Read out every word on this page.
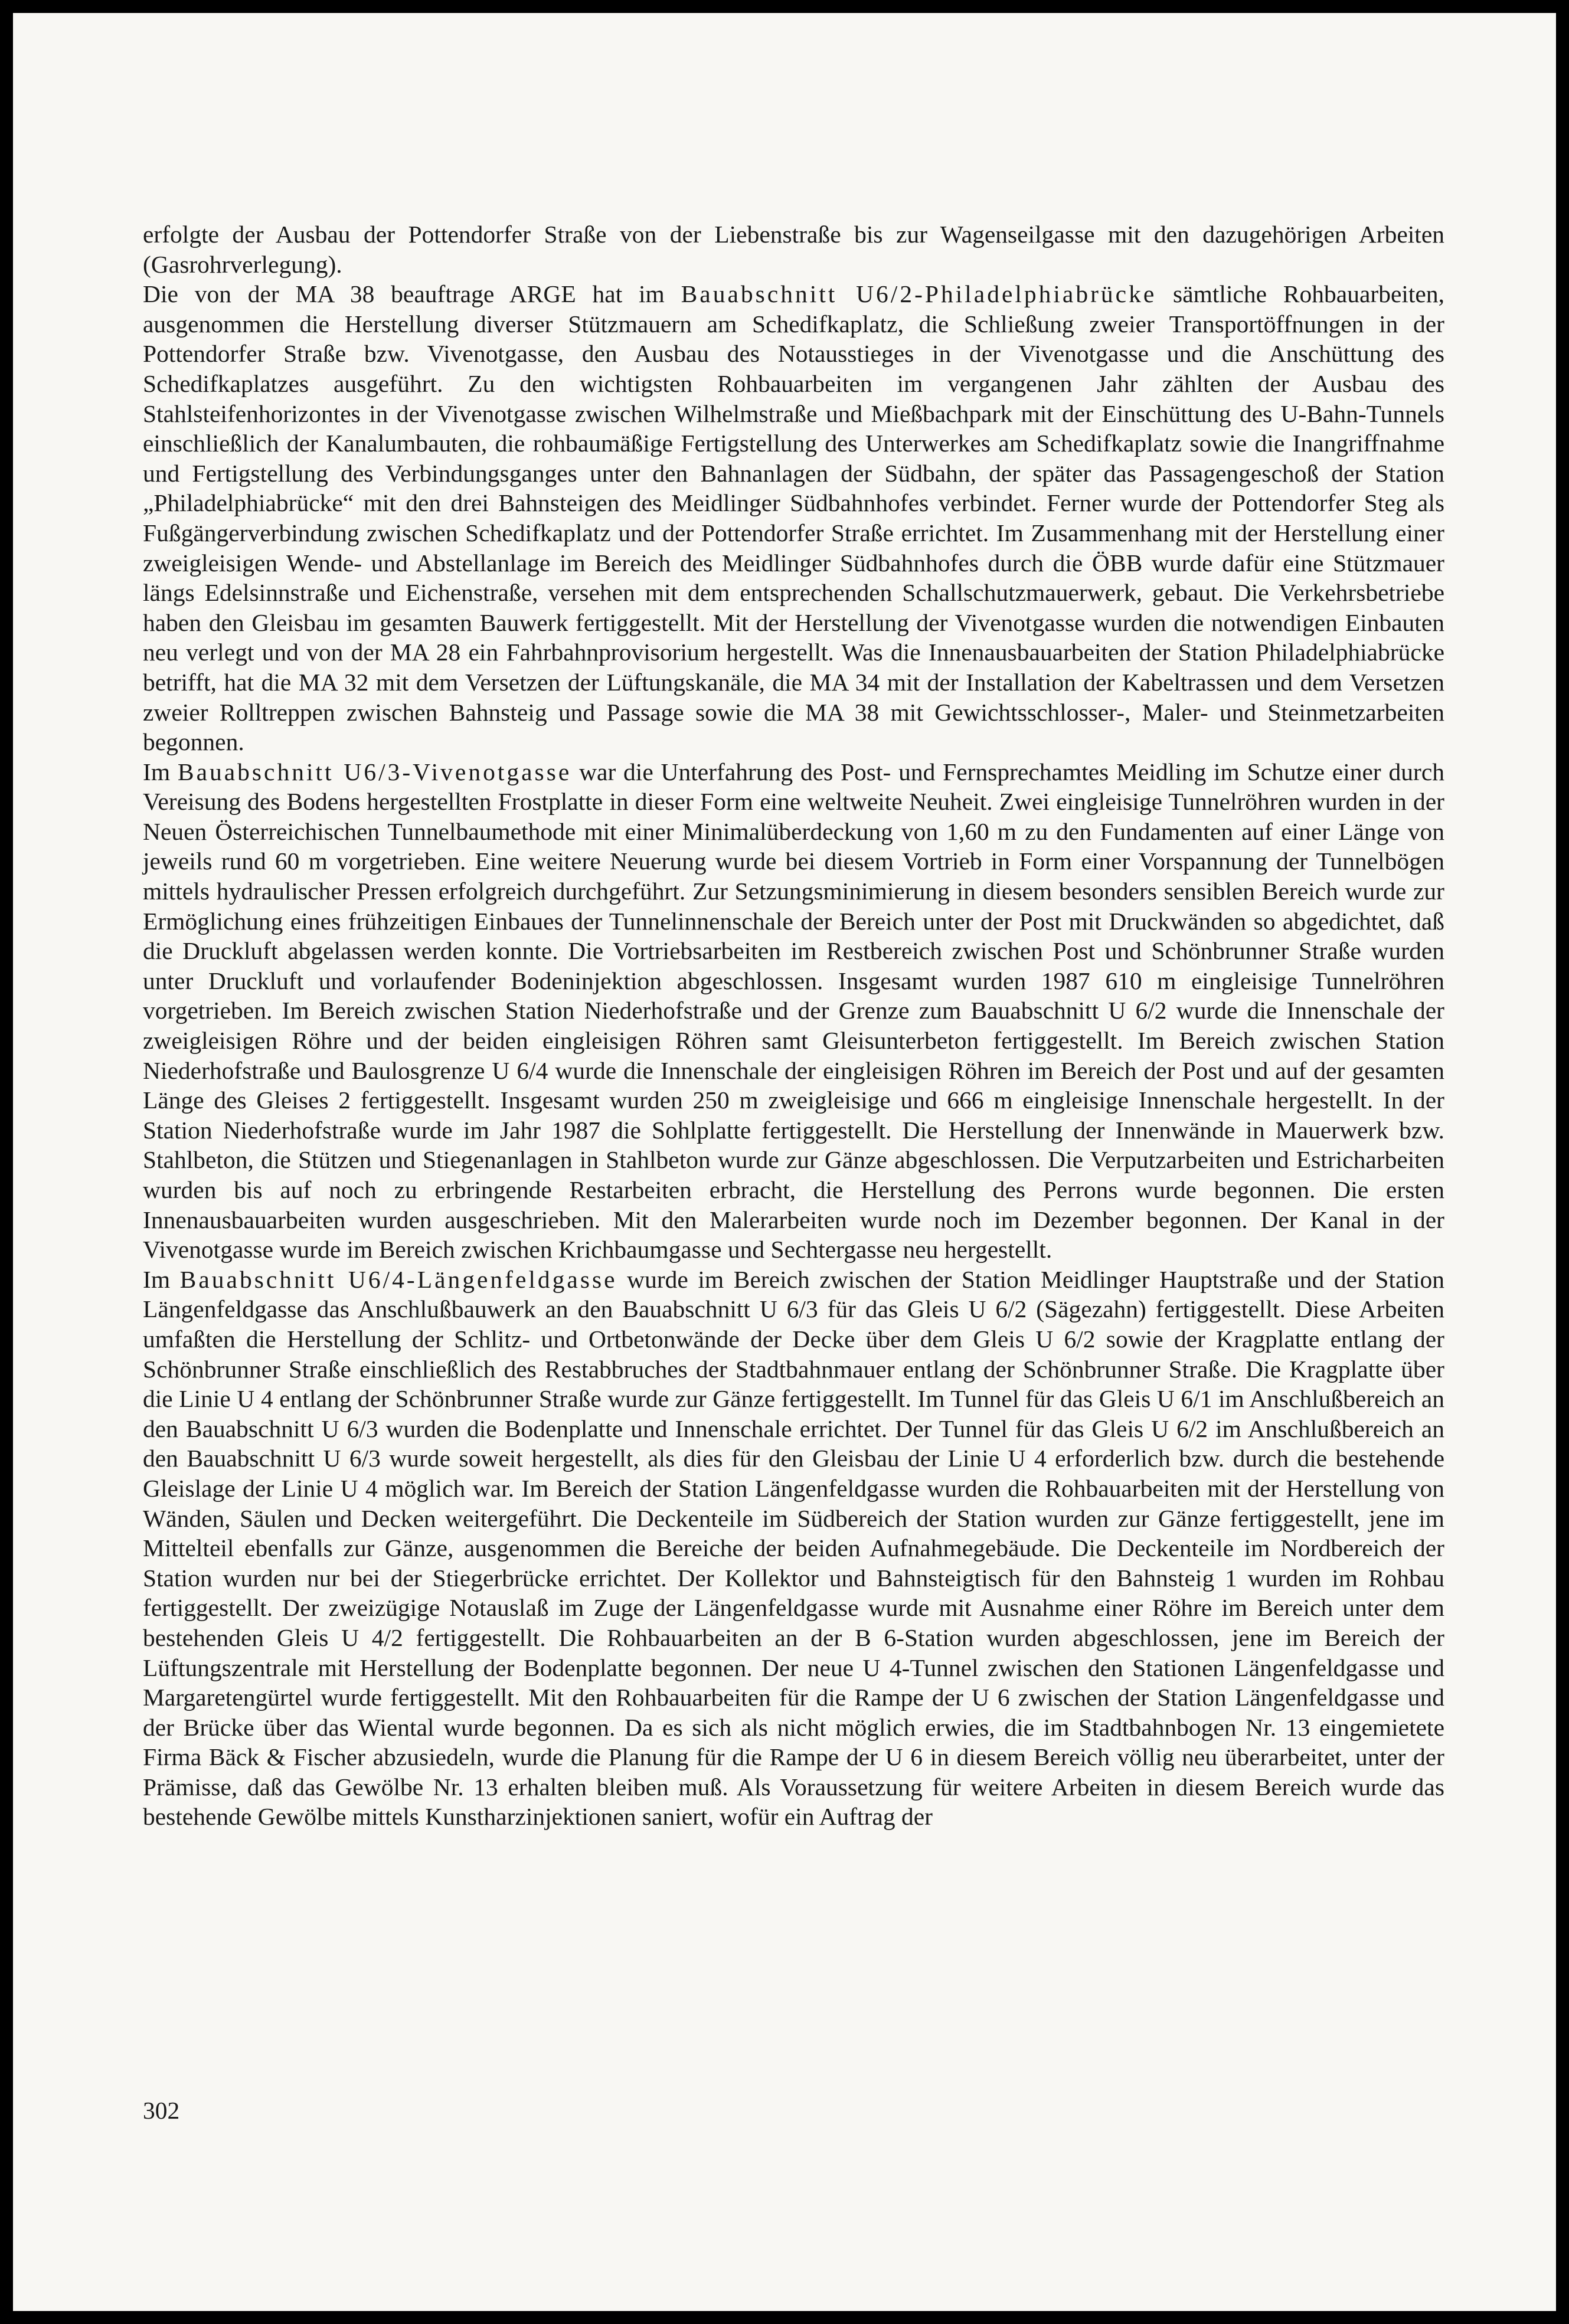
erfolgte der Ausbau der Pottendorfer Straße von der Liebenstraße bis zur Wagenseilgasse mit den dazugehörigen Arbeiten (Gasrohrverlegung).

Die von der MA 38 beauftrage ARGE hat im Bauabschnitt U6/2-Philadelphiabrücke sämtliche Rohbauarbeiten, ausgenommen die Herstellung diverser Stützmauern am Schedifkaplatz, die Schließung zweier Transportöffnungen in der Pottendorfer Straße bzw. Vivenotgasse, den Ausbau des Notausstieges in der Vivenotgasse und die Anschüttung des Schedifkaplatzes ausgeführt. Zu den wichtigsten Rohbauarbeiten im vergangenen Jahr zählten der Ausbau des Stahlsteifenhorizontes in der Vivenotgasse zwischen Wilhelmstraße und Mießbachpark mit der Einschüttung des U-Bahn-Tunnels einschließlich der Kanalumbauten, die rohbaumäßige Fertigstellung des Unterwerkes am Schedifkaplatz sowie die Inangriffnahme und Fertigstellung des Verbindungsganges unter den Bahnanlagen der Südbahn, der später das Passagengeschoß der Station „Philadelphiabrücke“ mit den drei Bahnsteigen des Meidlinger Südbahnhofes verbindet. Ferner wurde der Pottendorfer Steg als Fußgängerverbindung zwischen Schedifkaplatz und der Pottendorfer Straße errichtet. Im Zusammenhang mit der Herstellung einer zweigleisigen Wende- und Abstellanlage im Bereich des Meidlinger Südbahnhofes durch die ÖBB wurde dafür eine Stützmauer längs Edelsinnstraße und Eichenstraße, versehen mit dem entsprechenden Schallschutzmauerwerk, gebaut. Die Verkehrsbetriebe haben den Gleisbau im gesamten Bauwerk fertiggestellt. Mit der Herstellung der Vivenotgasse wurden die notwendigen Einbauten neu verlegt und von der MA 28 ein Fahrbahnprovisorium hergestellt. Was die Innenausbauarbeiten der Station Philadelphiabrücke betrifft, hat die MA 32 mit dem Versetzen der Lüftungskanäle, die MA 34 mit der Installation der Kabeltrassen und dem Versetzen zweier Rolltreppen zwischen Bahnsteig und Passage sowie die MA 38 mit Gewichtsschlosser-, Maler- und Steinmetzarbeiten begonnen.

Im Bauabschnitt U6/3-Vivenotgasse war die Unterfahrung des Post- und Fernsprechamtes Meidling im Schutze einer durch Vereisung des Bodens hergestellten Frostplatte in dieser Form eine weltweite Neuheit. Zwei eingleisige Tunnelröhren wurden in der Neuen Österreichischen Tunnelbaumethode mit einer Minimalüberdeckung von 1,60 m zu den Fundamenten auf einer Länge von jeweils rund 60 m vorgetrieben. Eine weitere Neuerung wurde bei diesem Vortrieb in Form einer Vorspannung der Tunnelbögen mittels hydraulischer Pressen erfolgreich durchgeführt. Zur Setzungsminimierung in diesem besonders sensiblen Bereich wurde zur Ermöglichung eines frühzeitigen Einbaues der Tunnelinnenschale der Bereich unter der Post mit Druckwänden so abgedichtet, daß die Druckluft abgelassen werden konnte. Die Vortriebsarbeiten im Restbereich zwischen Post und Schönbrunner Straße wurden unter Druckluft und vorlaufender Bodeninjektion abgeschlossen. Insgesamt wurden 1987 610 m eingleisige Tunnelröhren vorgetrieben. Im Bereich zwischen Station Niederhofstraße und der Grenze zum Bauabschnitt U 6/2 wurde die Innenschale der zweigleisigen Röhre und der beiden eingleisigen Röhren samt Gleisunterbeton fertiggestellt. Im Bereich zwischen Station Niederhofstraße und Baulosgrenze U 6/4 wurde die Innenschale der eingleisigen Röhren im Bereich der Post und auf der gesamten Länge des Gleises 2 fertiggestellt. Insgesamt wurden 250 m zweigleisige und 666 m eingleisige Innenschale hergestellt. In der Station Niederhofstraße wurde im Jahr 1987 die Sohlplatte fertiggestellt. Die Herstellung der Innenwände in Mauerwerk bzw. Stahlbeton, die Stützen und Stiegenanlagen in Stahlbeton wurde zur Gänze abgeschlossen. Die Verputzarbeiten und Estricharbeiten wurden bis auf noch zu erbringende Restarbeiten erbracht, die Herstellung des Perrons wurde begonnen. Die ersten Innenausbauarbeiten wurden ausgeschrieben. Mit den Malerarbeiten wurde noch im Dezember begonnen. Der Kanal in der Vivenotgasse wurde im Bereich zwischen Krichbaumgasse und Sechtergasse neu hergestellt.

Im Bauabschnitt U6/4-Längenfeldgasse wurde im Bereich zwischen der Station Meidlinger Hauptstraße und der Station Längenfeldgasse das Anschlußbauwerk an den Bauabschnitt U 6/3 für das Gleis U 6/2 (Sägezahn) fertiggestellt. Diese Arbeiten umfaßten die Herstellung der Schlitz- und Ortbetonwände der Decke über dem Gleis U 6/2 sowie der Kragplatte entlang der Schönbrunner Straße einschließlich des Restabbruches der Stadtbahnmauer entlang der Schönbrunner Straße. Die Kragplatte über die Linie U 4 entlang der Schönbrunner Straße wurde zur Gänze fertiggestellt. Im Tunnel für das Gleis U 6/1 im Anschlußbereich an den Bauabschnitt U 6/3 wurden die Bodenplatte und Innenschale errichtet. Der Tunnel für das Gleis U 6/2 im Anschlußbereich an den Bauabschnitt U 6/3 wurde soweit hergestellt, als dies für den Gleisbau der Linie U 4 erforderlich bzw. durch die bestehende Gleislage der Linie U 4 möglich war. Im Bereich der Station Längenfeldgasse wurden die Rohbauarbeiten mit der Herstellung von Wänden, Säulen und Decken weitergeführt. Die Deckenteile im Südbereich der Station wurden zur Gänze fertiggestellt, jene im Mittelteil ebenfalls zur Gänze, ausgenommen die Bereiche der beiden Aufnahmegebäude. Die Deckenteile im Nordbereich der Station wurden nur bei der Stiegerbrücke errichtet. Der Kollektor und Bahnsteigtisch für den Bahnsteig 1 wurden im Rohbau fertiggestellt. Der zweizügige Notauslaß im Zuge der Längenfeldgasse wurde mit Ausnahme einer Röhre im Bereich unter dem bestehenden Gleis U 4/2 fertiggestellt. Die Rohbauarbeiten an der B 6-Station wurden abgeschlossen, jene im Bereich der Lüftungszentrale mit Herstellung der Bodenplatte begonnen. Der neue U 4-Tunnel zwischen den Stationen Längenfeldgasse und Margaretengürtel wurde fertiggestellt. Mit den Rohbauarbeiten für die Rampe der U 6 zwischen der Station Längenfeldgasse und der Brücke über das Wiental wurde begonnen. Da es sich als nicht möglich erwies, die im Stadtbahnbogen Nr. 13 eingemietete Firma Bäck & Fischer abzusiedeln, wurde die Planung für die Rampe der U 6 in diesem Bereich völlig neu überarbeitet, unter der Prämisse, daß das Gewölbe Nr. 13 erhalten bleiben muß. Als Voraussetzung für weitere Arbeiten in diesem Bereich wurde das bestehende Gewölbe mittels Kunstharzinjektionen saniert, wofür ein Auftrag der

302
